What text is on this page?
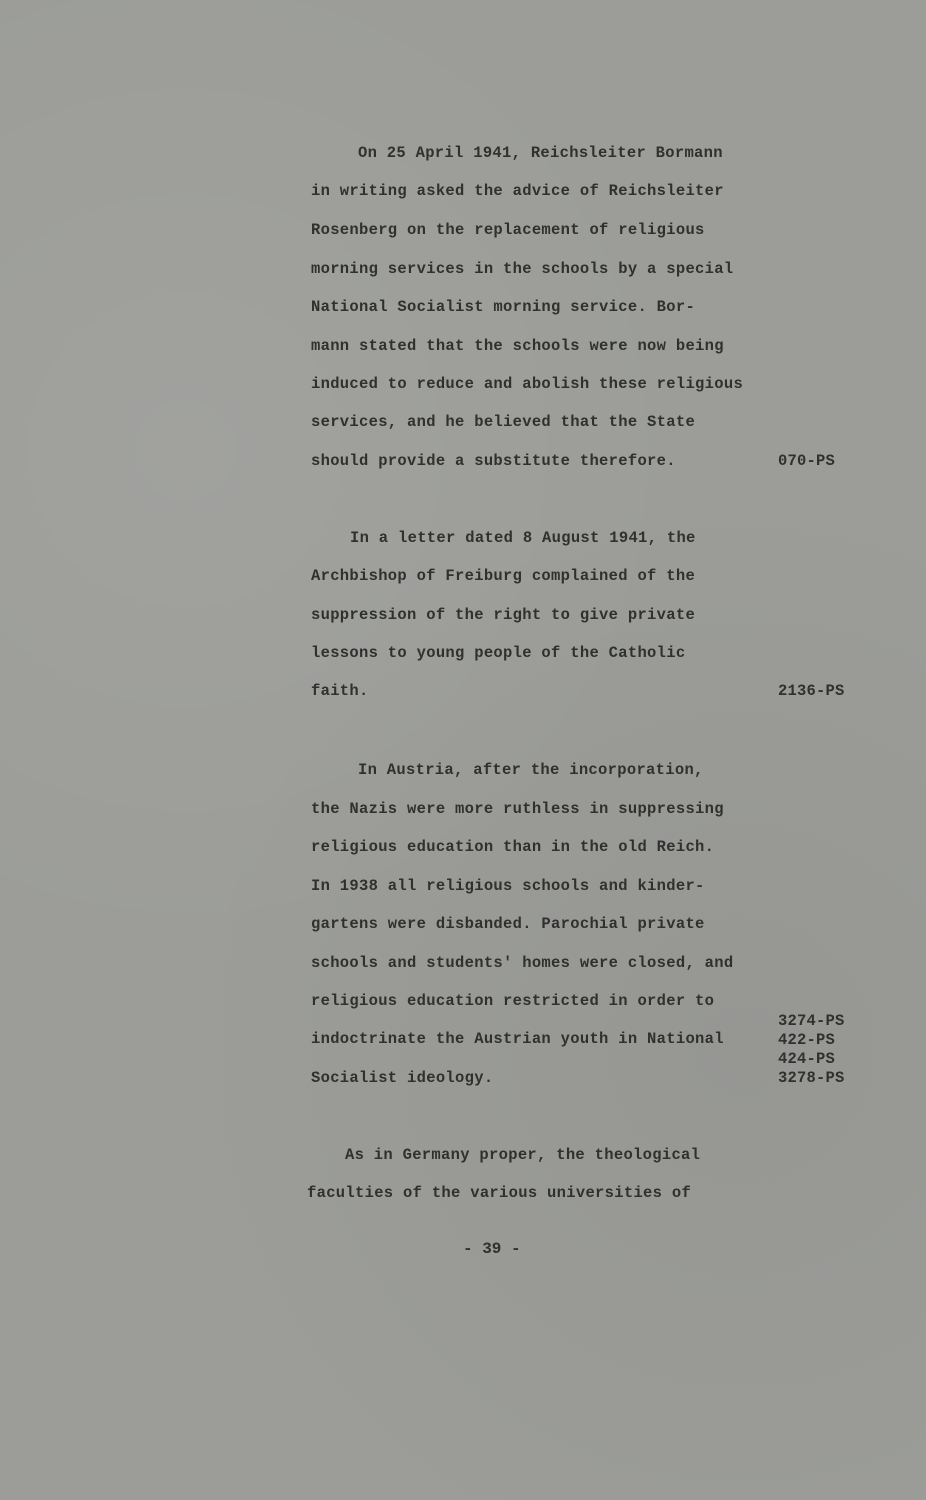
On 25 April 1941, Reichsleiter Bormann
in writing asked the advice of Reichsleiter
Rosenberg on the replacement of religious
morning services in the schools by a special
National Socialist morning service. Bor-
mann stated that the schools were now being
induced to reduce and abolish these religious
services, and he believed that the State
should provide a substitute therefore.	070-PS
In a letter dated 8 August 1941, the
Archbishop of Freiburg complained of the
suppression of the right to give private
lessons to young people of the Catholic
faith.	2136-PS
In Austria, after the incorporation,
the Nazis were more ruthless in suppressing
religious education than in the old Reich.
In 1938 all religious schools and kinder-
gartens were disbanded. Parochial private
schools and students' homes were closed, and
religious education restricted in order to
indoctrinate the Austrian youth in National
Socialist ideology.
3274-PS
422-PS
424-PS
3278-PS
As in Germany proper, the theological
faculties of the various universities of
- 39 -
